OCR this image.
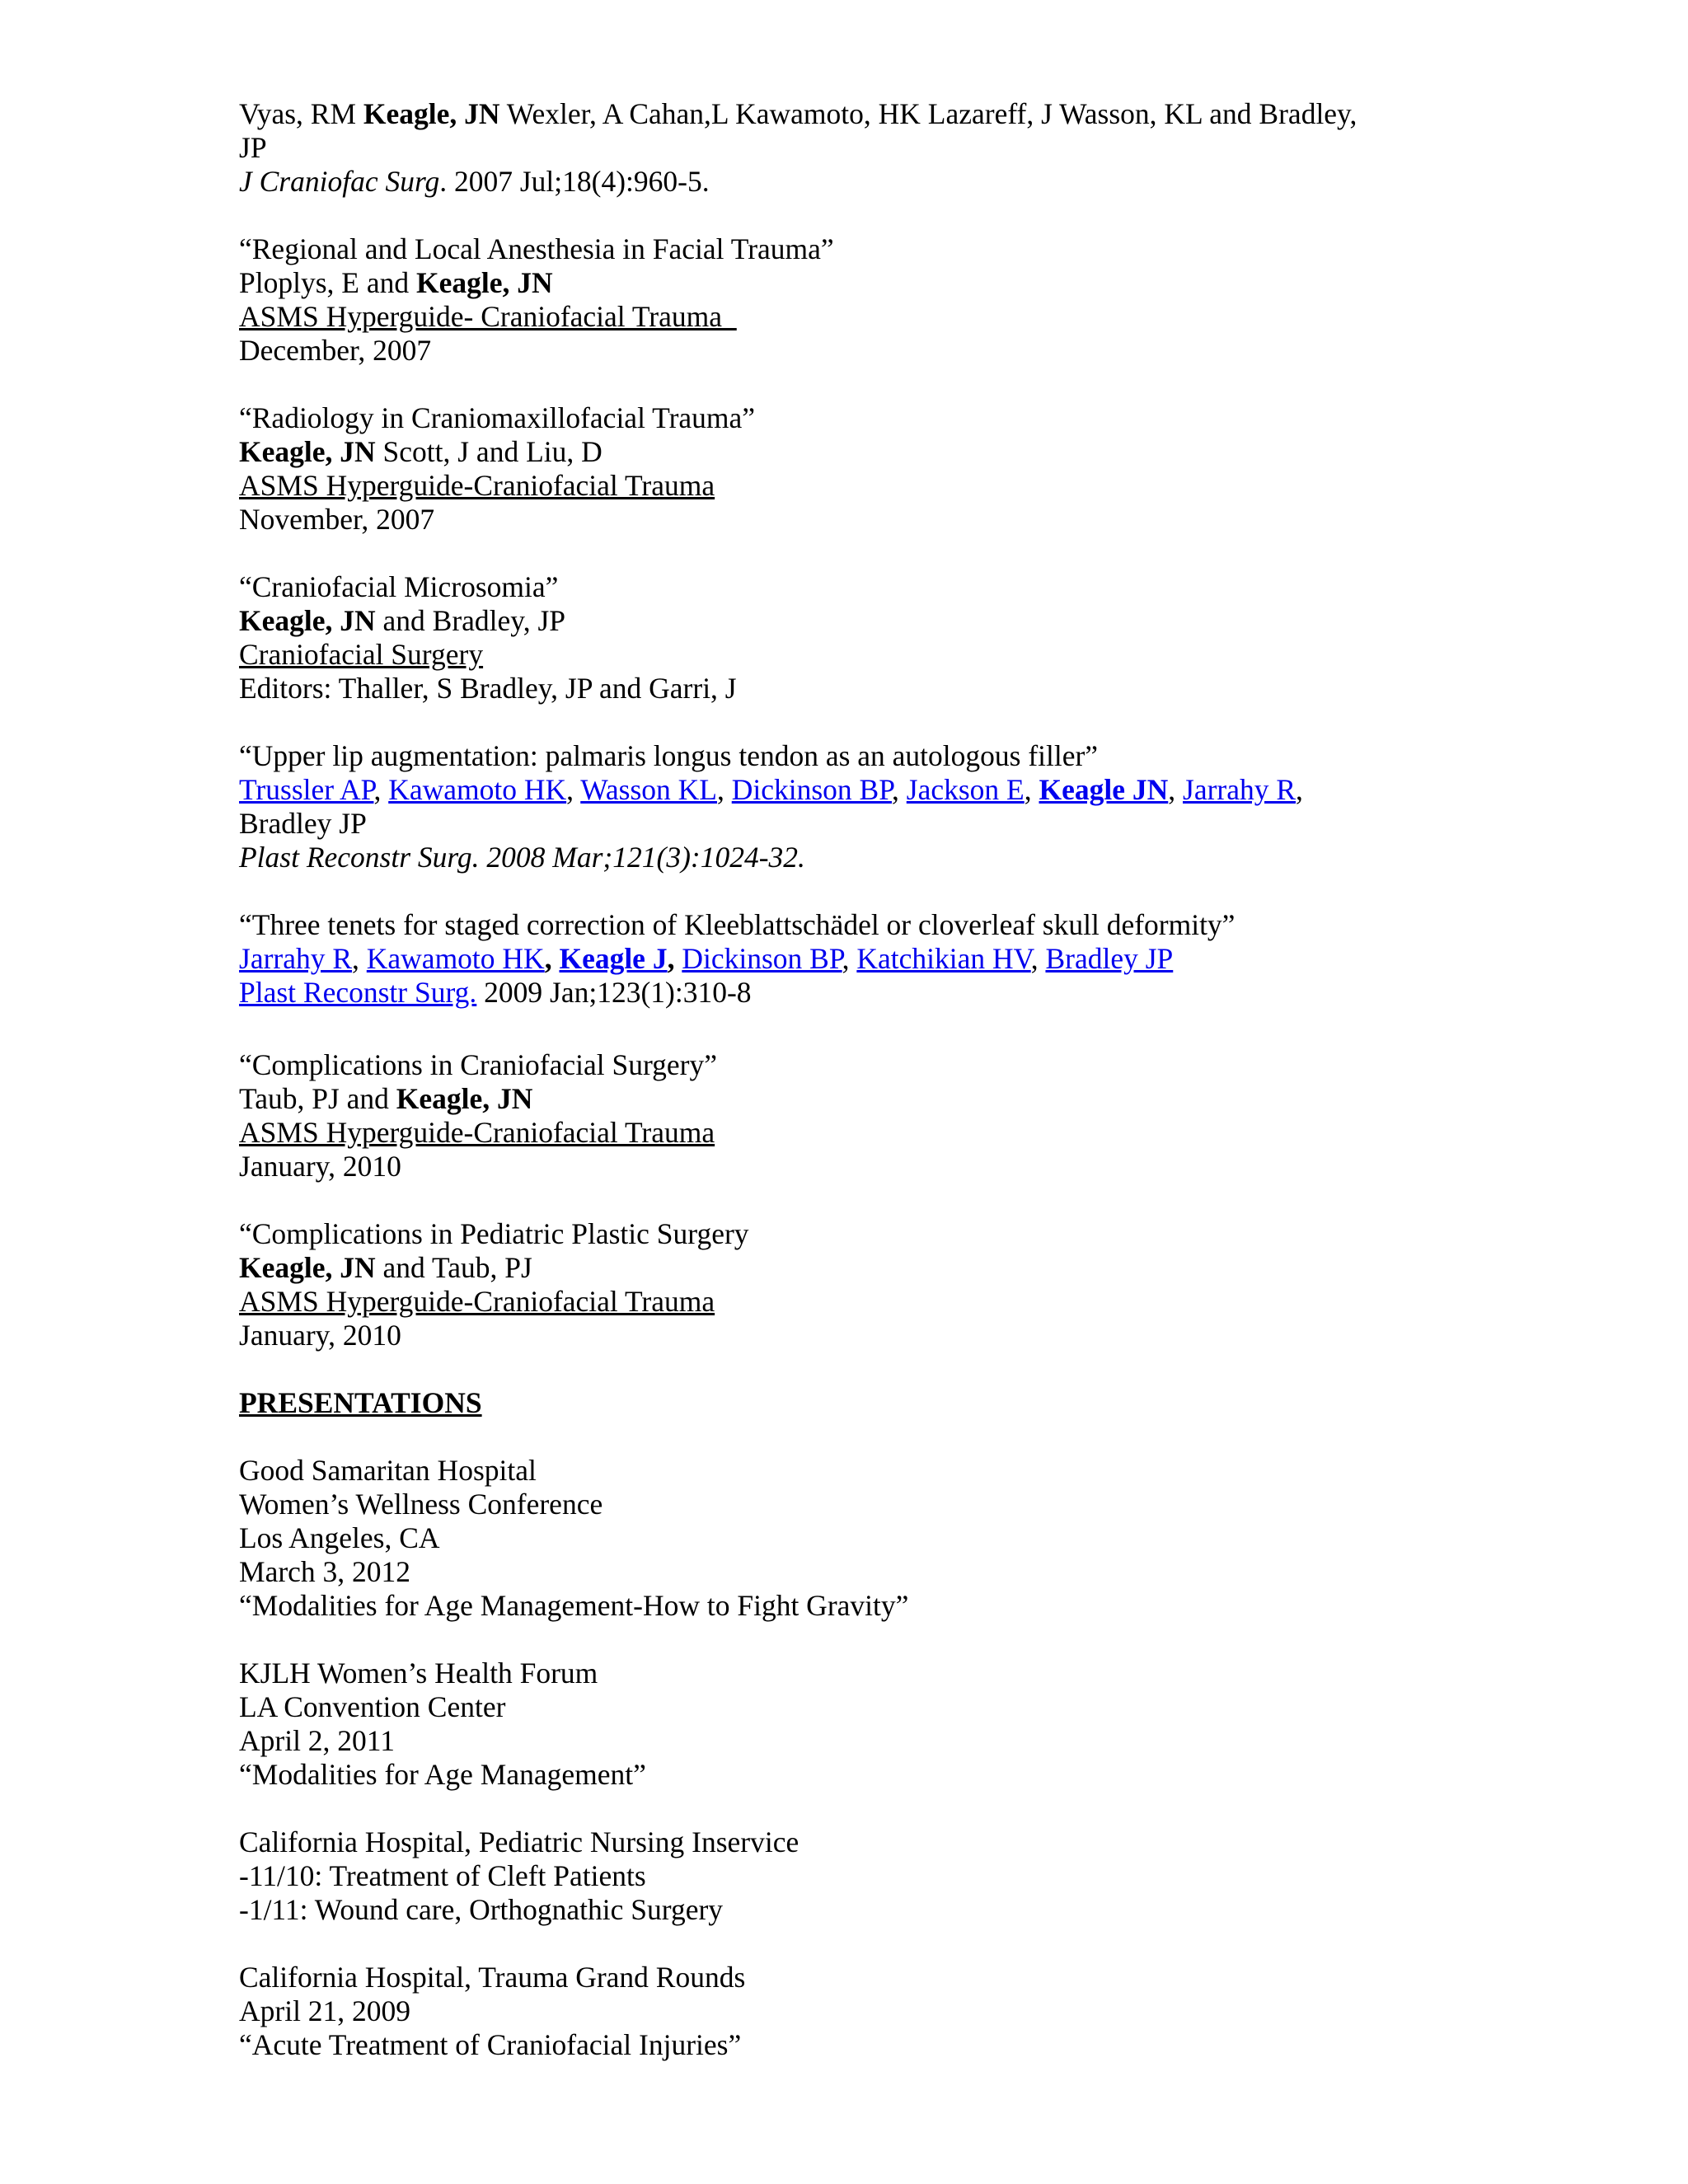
Vyas, RM Keagle, JN Wexler, A Cahan,L Kawamoto, HK Lazareff, J Wasson, KL and Bradley,
JP
J Craniofac Surg. 2007 Jul;18(4):960-5.
“Regional and Local Anesthesia in Facial Trauma”
Ploplys, E and Keagle, JN
ASMS Hyperguide- Craniofacial Trauma
December, 2007
“Radiology in Craniomaxillofacial Trauma”
Keagle, JN Scott, J and Liu, D
ASMS Hyperguide-Craniofacial Trauma
November, 2007
“Craniofacial Microsomia”
Keagle, JN and Bradley, JP
Craniofacial Surgery
Editors: Thaller, S Bradley, JP and Garri, J
“Upper lip augmentation: palmaris longus tendon as an autologous filler”
Trussler AP, Kawamoto HK, Wasson KL, Dickinson BP, Jackson E, Keagle JN, Jarrahy R,
Bradley JP
Plast Reconstr Surg. 2008 Mar;121(3):1024-32.
“Three tenets for staged correction of Kleeblattschädel or cloverleaf skull deformity”
Jarrahy R, Kawamoto HK, Keagle J, Dickinson BP, Katchikian HV, Bradley JP
Plast Reconstr Surg. 2009 Jan;123(1):310-8
“Complications in Craniofacial Surgery”
Taub, PJ and Keagle, JN
ASMS Hyperguide-Craniofacial Trauma
January, 2010
“Complications in Pediatric Plastic Surgery
Keagle, JN and Taub, PJ
ASMS Hyperguide-Craniofacial Trauma
January, 2010
PRESENTATIONS
Good Samaritan Hospital
Women’s Wellness Conference
Los Angeles, CA
March 3, 2012
“Modalities for Age Management-How to Fight Gravity”
KJLH Women’s Health Forum
LA Convention Center
April 2, 2011
“Modalities for Age Management”
California Hospital, Pediatric Nursing Inservice
-11/10: Treatment of Cleft Patients
-1/11: Wound care, Orthognathic Surgery
California Hospital, Trauma Grand Rounds
April 21, 2009
“Acute Treatment of Craniofacial Injuries”
